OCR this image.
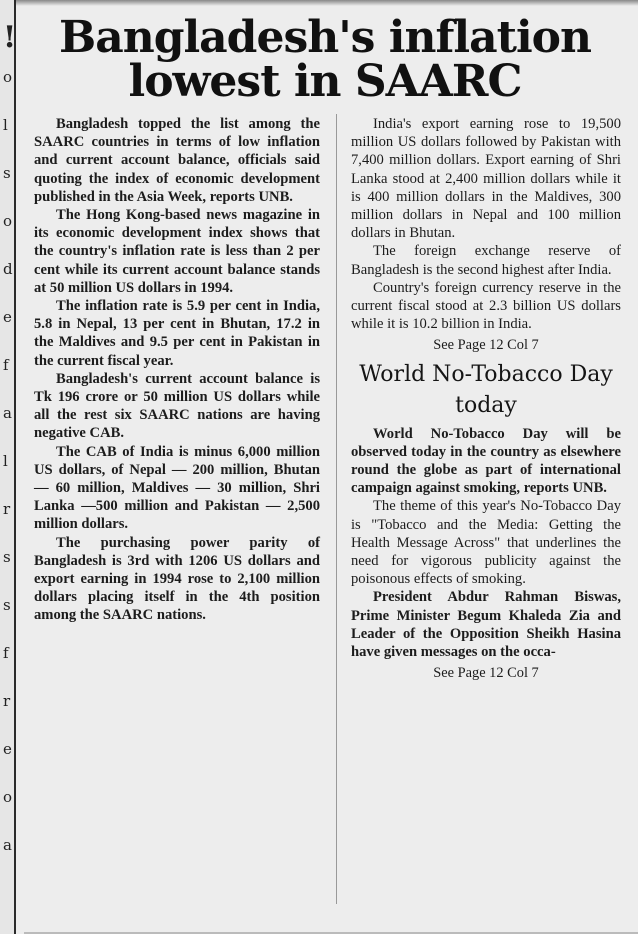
!
o
l
s
o
d
e
f
a
l
r
s
s
f
r
e
o
a
Bangladesh's inflation lowest in SAARC

Bangladesh topped the list among the SAARC countries in terms of low inflation and current account balance, officials said quoting the index of economic development published in the Asia Week, reports UNB.

The Hong Kong-based news magazine in its economic development index shows that the country's inflation rate is less than 2 per cent while its current account balance stands at 50 million US dollars in 1994.

The inflation rate is 5.9 per cent in India, 5.8 in Nepal, 13 per cent in Bhutan, 17.2 in the Maldives and 9.5 per cent in Pakistan in the current fiscal year.

Bangladesh's current account balance is Tk 196 crore or 50 million US dollars while all the rest six SAARC nations are having negative CAB.

The CAB of India is minus 6,000 million US dollars, of Nepal — 200 million, Bhutan — 60 million, Maldives — 30 million, Shri Lanka —500 million and Pakistan — 2,500 million dollars.

The purchasing power parity of Bangladesh is 3rd with 1206 US dollars and export earning in 1994 rose to 2,100 million dollars placing itself in the 4th position among the SAARC nations.

India's export earning rose to 19,500 million US dollars followed by Pakistan with 7,400 million dollars. Export earning of Shri Lanka stood at 2,400 million dollars while it is 400 million dollars in the Maldives, 300 million dollars in Nepal and 100 million dollars in Bhutan.

The foreign exchange reserve of Bangladesh is the second highest after India.

Country's foreign currency reserve in the current fiscal stood at 2.3 billion US dollars while it is 10.2 billion in India.

See Page 12 Col 7
World No-Tobacco Day today

World No-Tobacco Day will be observed today in the country as elsewhere round the globe as part of international campaign against smoking, reports UNB.

The theme of this year's No-Tobacco Day is "Tobacco and the Media: Getting the Health Message Across" that underlines the need for vigorous publicity against the poisonous effects of smoking.

President Abdur Rahman Biswas, Prime Minister Begum Khaleda Zia and Leader of the Opposition Sheikh Hasina have given messages on the occa-

See Page 12 Col 7
